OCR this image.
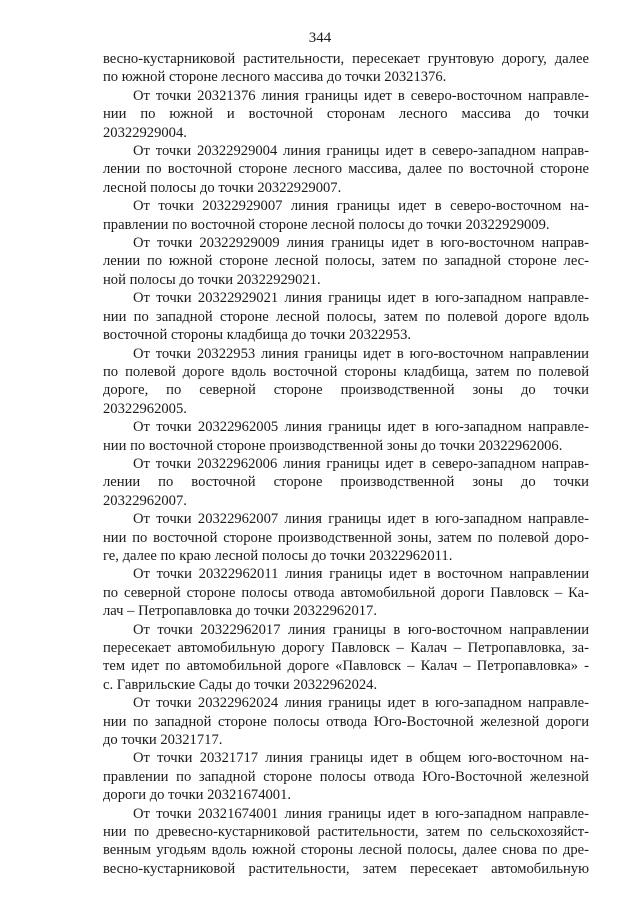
344

весно-кустарниковой растительности, пересекает грунтовую дорогу, далее
по южной стороне лесного массива до точки 20321376.

От точки 20321376 линия границы идет в северо-восточном направле-
нии по южной и восточной сторонам лесного массива до точки
20322929004.

От точки 20322929004 линия границы идет в северо-западном направ-
лении по восточной стороне лесного массива, далее по восточной стороне
лесной полосы до точки 20322929007.

От точки 20322929007 линия границы идет в северо-восточном на-
правлении по восточной стороне лесной полосы до точки 20322929009.

От точки 20322929009 линия границы идет в юго-восточном направ-
лении по южной стороне лесной полосы, затем по западной стороне лес-
ной полосы до точки 20322929021.

От точки 20322929021 линия границы идет в юго-западном направле-
нии по западной стороне лесной полосы, затем по полевой дороге вдоль
восточной стороны кладбища до точки 20322953.

От точки 20322953 линия границы идет в юго-восточном направлении
по полевой дороге вдоль восточной стороны кладбища, затем по полевой
дороге, по северной стороне производственной зоны до точки
20322962005.

От точки 20322962005 линия границы идет в юго-западном направле-
нии по восточной стороне производственной зоны до точки 20322962006.

От точки 20322962006 линия границы идет в северо-западном направ-
лении по восточной стороне производственной зоны до точки
20322962007.

От точки 20322962007 линия границы идет в юго-западном направле-
нии по восточной стороне производственной зоны, затем по полевой доро-
ге, далее по краю лесной полосы до точки 20322962011.

От точки 20322962011 линия границы идет в восточном направлении
по северной стороне полосы отвода автомобильной дороги Павловск – Ка-
лач – Петропавловка до точки 20322962017.

От точки 20322962017 линия границы в юго-восточном направлении
пересекает автомобильную дорогу Павловск – Калач – Петропавловка, за-
тем идет по автомобильной дороге «Павловск – Калач – Петропавловка» -
с. Гаврильские Сады до точки 20322962024.

От точки 20322962024 линия границы идет в юго-западном направле-
нии по западной стороне полосы отвода Юго-Восточной железной дороги
до точки 20321717.

От точки 20321717 линия границы идет в общем юго-восточном на-
правлении по западной стороне полосы отвода Юго-Восточной железной
дороги до точки 20321674001.

От точки 20321674001 линия границы идет в юго-западном направле-
нии по древесно-кустарниковой растительности, затем по сельскохозяйст-
венным угодьям вдоль южной стороны лесной полосы, далее снова по дре-
весно-кустарниковой растительности, затем пересекает автомобильную
